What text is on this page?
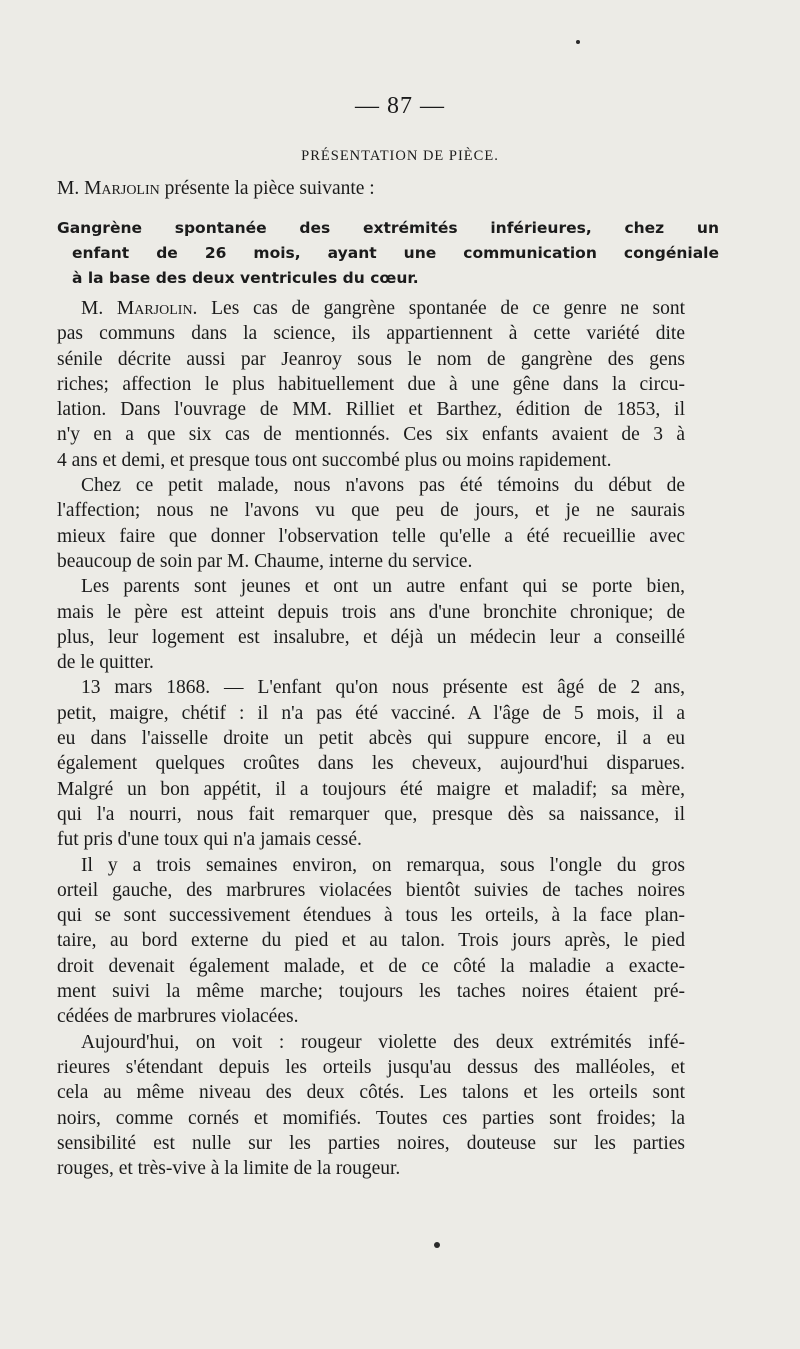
— 87 —
PRÉSENTATION DE PIÈCE.
M. Marjolin présente la pièce suivante :
Gangrène spontanée des extrémités inférieures, chez un
enfant de 26 mois, ayant une communication congéniale
à la base des deux ventricules du cœur.

M. Marjolin. Les cas de gangrène spontanée de ce genre ne sont
pas communs dans la science, ils appartiennent à cette variété dite
sénile décrite aussi par Jeanroy sous le nom de gangrène des gens
riches; affection le plus habituellement due à une gêne dans la circu-
lation. Dans l'ouvrage de MM. Rilliet et Barthez, édition de 1853, il
n'y en a que six cas de mentionnés. Ces six enfants avaient de 3 à
4 ans et demi, et presque tous ont succombé plus ou moins rapidement.

Chez ce petit malade, nous n'avons pas été témoins du début de
l'affection; nous ne l'avons vu que peu de jours, et je ne saurais
mieux faire que donner l'observation telle qu'elle a été recueillie avec
beaucoup de soin par M. Chaume, interne du service.

Les parents sont jeunes et ont un autre enfant qui se porte bien,
mais le père est atteint depuis trois ans d'une bronchite chronique; de
plus, leur logement est insalubre, et déjà un médecin leur a conseillé
de le quitter.

13 mars 1868. — L'enfant qu'on nous présente est âgé de 2 ans,
petit, maigre, chétif : il n'a pas été vacciné. A l'âge de 5 mois, il a
eu dans l'aisselle droite un petit abcès qui suppure encore, il a eu
également quelques croûtes dans les cheveux, aujourd'hui disparues.
Malgré un bon appétit, il a toujours été maigre et maladif; sa mère,
qui l'a nourri, nous fait remarquer que, presque dès sa naissance, il
fut pris d'une toux qui n'a jamais cessé.

Il y a trois semaines environ, on remarqua, sous l'ongle du gros
orteil gauche, des marbrures violacées bientôt suivies de taches noires
qui se sont successivement étendues à tous les orteils, à la face plan-
taire, au bord externe du pied et au talon. Trois jours après, le pied
droit devenait également malade, et de ce côté la maladie a exacte-
ment suivi la même marche; toujours les taches noires étaient pré-
cédées de marbrures violacées.

Aujourd'hui, on voit : rougeur violette des deux extrémités infé-
rieures s'étendant depuis les orteils jusqu'au dessus des malléoles, et
cela au même niveau des deux côtés. Les talons et les orteils sont
noirs, comme cornés et momifiés. Toutes ces parties sont froides; la
sensibilité est nulle sur les parties noires, douteuse sur les parties
rouges, et très-vive à la limite de la rougeur.
